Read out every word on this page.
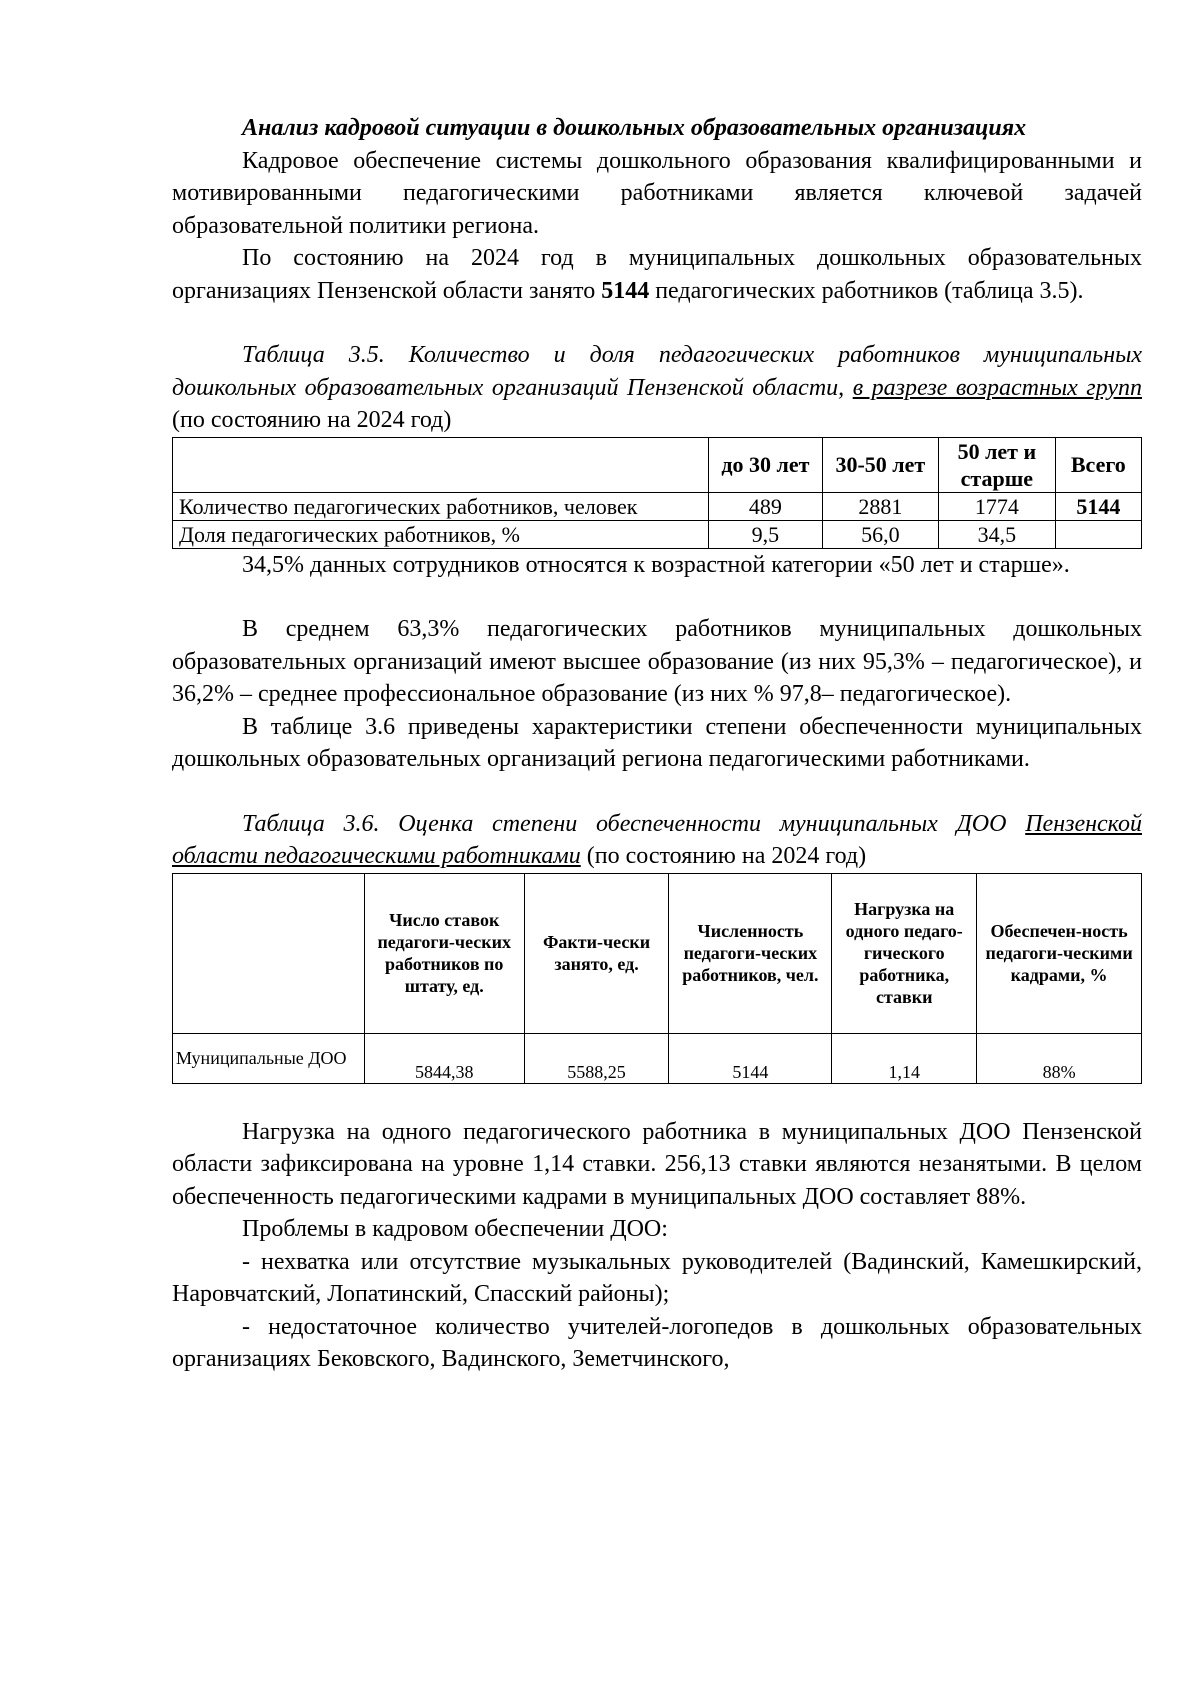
Анализ кадровой ситуации в дошкольных образовательных организациях

Кадровое обеспечение системы дошкольного образования квалифицированными и мотивированными педагогическими работниками является ключевой задачей образовательной политики региона.

По состоянию на 2024 год в муниципальных дошкольных образовательных организациях Пензенской области занято 5144 педагогических работников (таблица 3.5).

Таблица 3.5. Количество и доля педагогических работников муниципальных дошкольных образовательных организаций Пензенской области, в разрезе возрастных групп (по состоянию на 2024 год)

	до 30 лет	30-50 лет	50 лет и старше	Всего
Количество педагогических работников, человек	489	2881	1774	5144
Доля педагогических работников, %	9,5	56,0	34,5	

34,5% данных сотрудников относятся к возрастной категории «50 лет и старше».

В среднем 63,3% педагогических работников муниципальных дошкольных образовательных организаций имеют высшее образование (из них 95,3% – педагогическое), и 36,2% – среднее профессиональное образование (из них % 97,8– педагогическое).

В таблице 3.6 приведены характеристики степени обеспеченности муниципальных дошкольных образовательных организаций региона педагогическими работниками.

Таблица 3.6. Оценка степени обеспеченности муниципальных ДОО Пензенской области педагогическими работниками (по состоянию на 2024 год)

	Число ставок педагоги-ческих работников по штату, ед.	Факти-чески занято, ед.	Численность педагоги-ческих работников, чел.	Нагрузка на одного педаго-гического работника, ставки	Обеспечен-ность педагоги-ческими кадрами, %
Муниципальные ДОО	5844,38	5588,25	5144	1,14	88%

Нагрузка на одного педагогического работника в муниципальных ДОО Пензенской области зафиксирована на уровне 1,14 ставки. 256,13 ставки являются незанятыми. В целом обеспеченность педагогическими кадрами в муниципальных ДОО составляет 88%.

Проблемы в кадровом обеспечении ДОО:

- нехватка или отсутствие музыкальных руководителей (Вадинский, Камешкирский, Наровчатский, Лопатинский, Спасский районы);

- недостаточное количество учителей-логопедов в дошкольных образовательных организациях Бековского, Вадинского, Земетчинского,
